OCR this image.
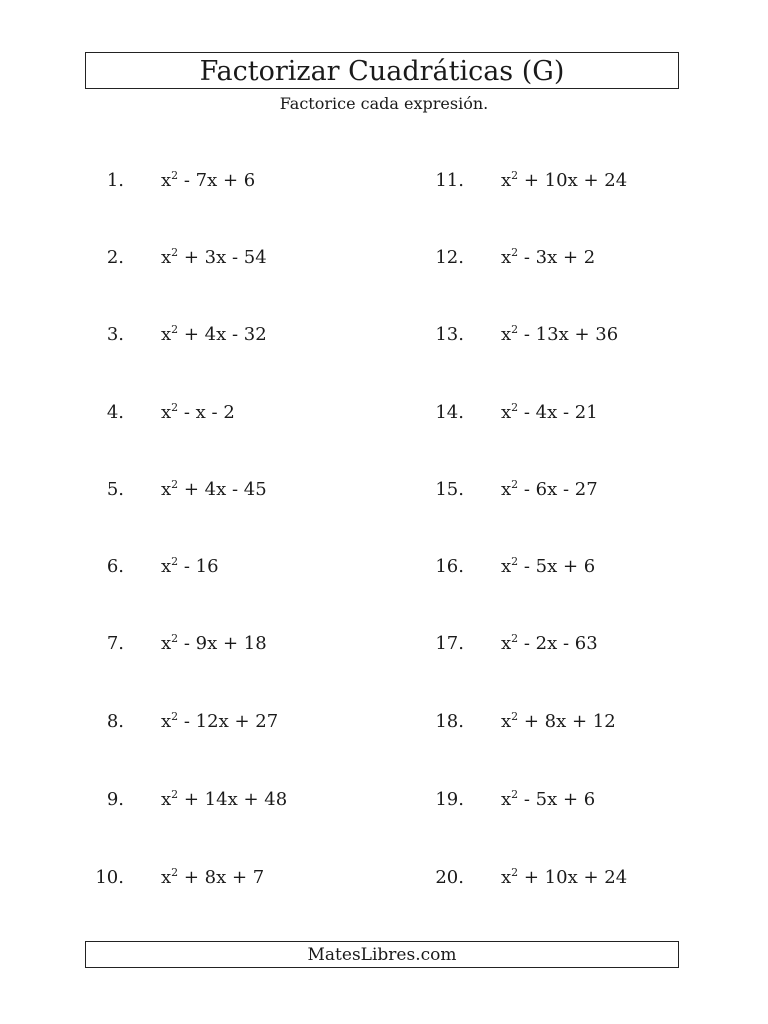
Factorizar Cuadráticas (G)
Factorice cada expresión.
1. $x^2 - 7x + 6$
2. $x^2 + 3x - 54$
3. $x^2 + 4x - 32$
4. $x^2$ - x - 2
5. $x^2 + 4x - 45$
6. $x^2 - 16$
7. $x^2 - 9x + 18$
8. $x^2 - 12x + 27$
9. $x^2 + 14x + 48$
10. $x^2 + 8x + 7$
11. $x^2 + 10x + 24$
12. $x^2 - 3x + 2$
13. $x^2 - 13x + 36$
14. $x^2 - 4x - 21$
15. $x^2 - 6x - 27$
16. $x^2 - 5x + 6$
17. $x^2 - 2x - 63$
18. $x^2 + 8x + 12$
19. $x^2 - 5x + 6$
20. $x^2 + 10x + 24$
MatesLibres.com
